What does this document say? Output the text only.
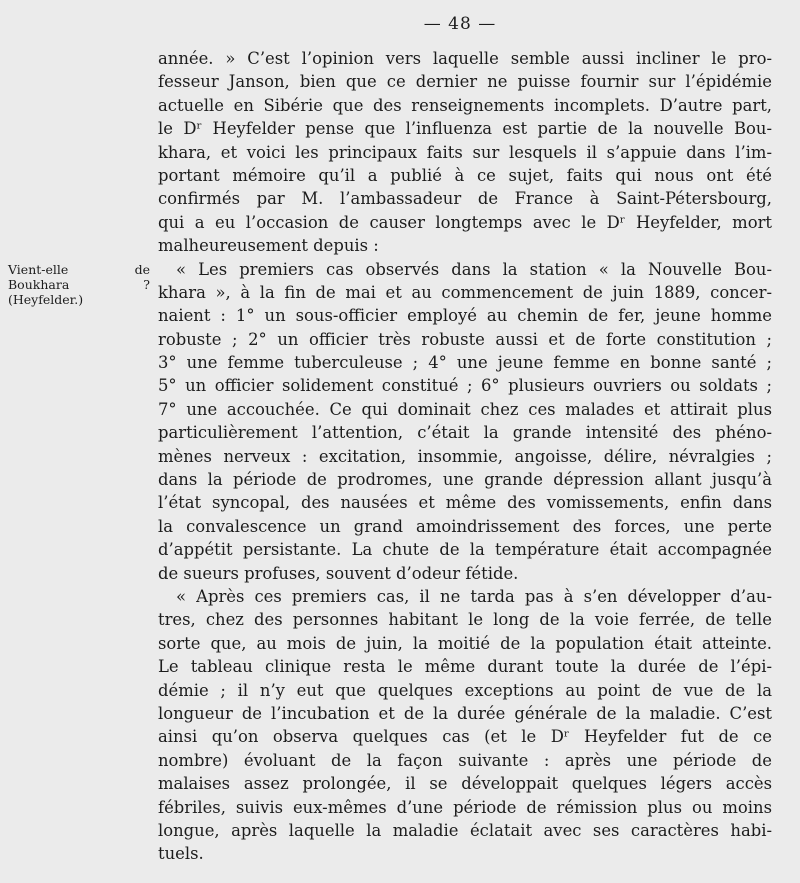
— 48 —
Vient-elle de Boukhara ? (Heyfelder.)
année. » C’est l’opinion vers laquelle semble aussi incliner le pro-
fesseur Janson, bien que ce dernier ne puisse fournir sur l’épidémie
actuelle en Sibérie que des renseignements incomplets. D’autre part,
le Dʳ Heyfelder pense que l’influenza est partie de la nouvelle Bou-
khara, et voici les principaux faits sur lesquels il s’appuie dans l’im-
portant mémoire qu’il a publié à ce sujet, faits qui nous ont été
confirmés par M. l’ambassadeur de France à Saint-Pétersbourg,
qui a eu l’occasion de causer longtemps avec le Dʳ Heyfelder, mort
malheureusement depuis :
« Les premiers cas observés dans la station « la Nouvelle Bou-
khara », à la fin de mai et au commencement de juin 1889, concer-
naient : 1° un sous-officier employé au chemin de fer, jeune homme
robuste ; 2° un officier très robuste aussi et de forte constitution ;
3° une femme tuberculeuse ; 4° une jeune femme en bonne santé ;
5° un officier solidement constitué ; 6° plusieurs ouvriers ou soldats ;
7° une accouchée. Ce qui dominait chez ces malades et attirait plus
particulièrement l’attention, c’était la grande intensité des phéno-
mènes nerveux : excitation, insommie, angoisse, délire, névralgies ;
dans la période de prodromes, une grande dépression allant jusqu’à
l’état syncopal, des nausées et même des vomissements, enfin dans
la convalescence un grand amoindrissement des forces, une perte
d’appétit persistante. La chute de la température était accompagnée
de sueurs profuses, souvent d’odeur fétide.
« Après ces premiers cas, il ne tarda pas à s’en développer d’au-
tres, chez des personnes habitant le long de la voie ferrée, de telle
sorte que, au mois de juin, la moitié de la population était atteinte.
Le tableau clinique resta le même durant toute la durée de l’épi-
démie ; il n’y eut que quelques exceptions au point de vue de la
longueur de l’incubation et de la durée générale de la maladie. C’est
ainsi qu’on observa quelques cas (et le Dʳ Heyfelder fut de ce
nombre) évoluant de la façon suivante : après une période de
malaises assez prolongée, il se développait quelques légers accès
fébriles, suivis eux-mêmes d’une période de rémission plus ou moins
longue, après laquelle la maladie éclatait avec ses caractères habi-
tuels.
